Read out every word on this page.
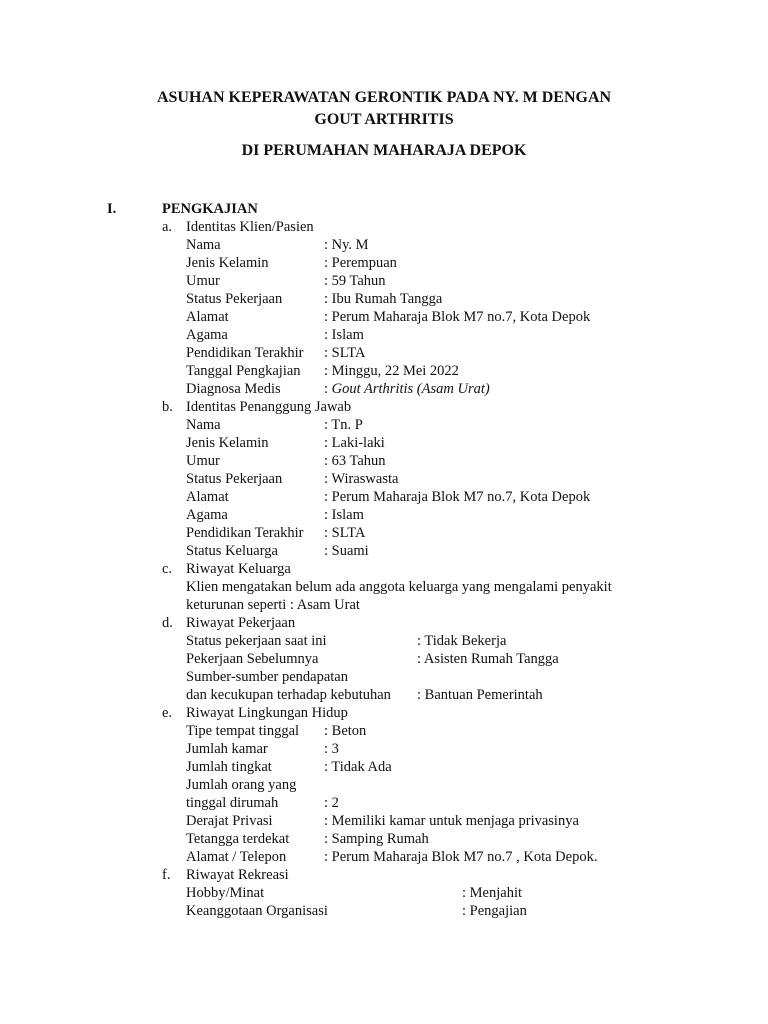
ASUHAN KEPERAWATAN GERONTIK PADA NY. M DENGAN
GOUT ARTHRITIS
DI PERUMAHAN MAHARAJA DEPOK
I.	PENGKAJIAN
a. Identitas Klien/Pasien
Nama	: Ny. M
Jenis Kelamin	: Perempuan
Umur	: 59 Tahun
Status Pekerjaan	: Ibu Rumah Tangga
Alamat	: Perum Maharaja Blok M7 no.7, Kota Depok
Agama	: Islam
Pendidikan Terakhir : SLTA
Tanggal Pengkajian : Minggu, 22 Mei 2022
Diagnosa Medis	: Gout Arthritis (Asam Urat)
b. Identitas Penanggung Jawab
Nama	: Tn. P
Jenis Kelamin	: Laki-laki
Umur	: 63 Tahun
Status Pekerjaan	: Wiraswasta
Alamat	: Perum Maharaja Blok M7 no.7, Kota Depok
Agama	: Islam
Pendidikan Terakhir : SLTA
Status Keluarga	: Suami
c. Riwayat Keluarga
Klien mengatakan belum ada anggota keluarga yang mengalami penyakit
keturunan seperti : Asam Urat
d. Riwayat Pekerjaan
Status pekerjaan saat ini	: Tidak Bekerja
Pekerjaan Sebelumnya	: Asisten Rumah Tangga
Sumber-sumber pendapatan
dan kecukupan terhadap kebutuhan : Bantuan Pemerintah
e. Riwayat Lingkungan Hidup
Tipe tempat tinggal : Beton
Jumlah kamar	: 3
Jumlah tingkat	: Tidak Ada
Jumlah orang yang
tinggal dirumah	: 2
Derajat Privasi	: Memiliki kamar untuk menjaga privasinya
Tetangga terdekat : Samping Rumah
Alamat / Telepon	: Perum Maharaja Blok M7 no.7 , Kota Depok.
f. Riwayat Rekreasi
Hobby/Minat	: Menjahit
Keanggotaan Organisasi	: Pengajian
